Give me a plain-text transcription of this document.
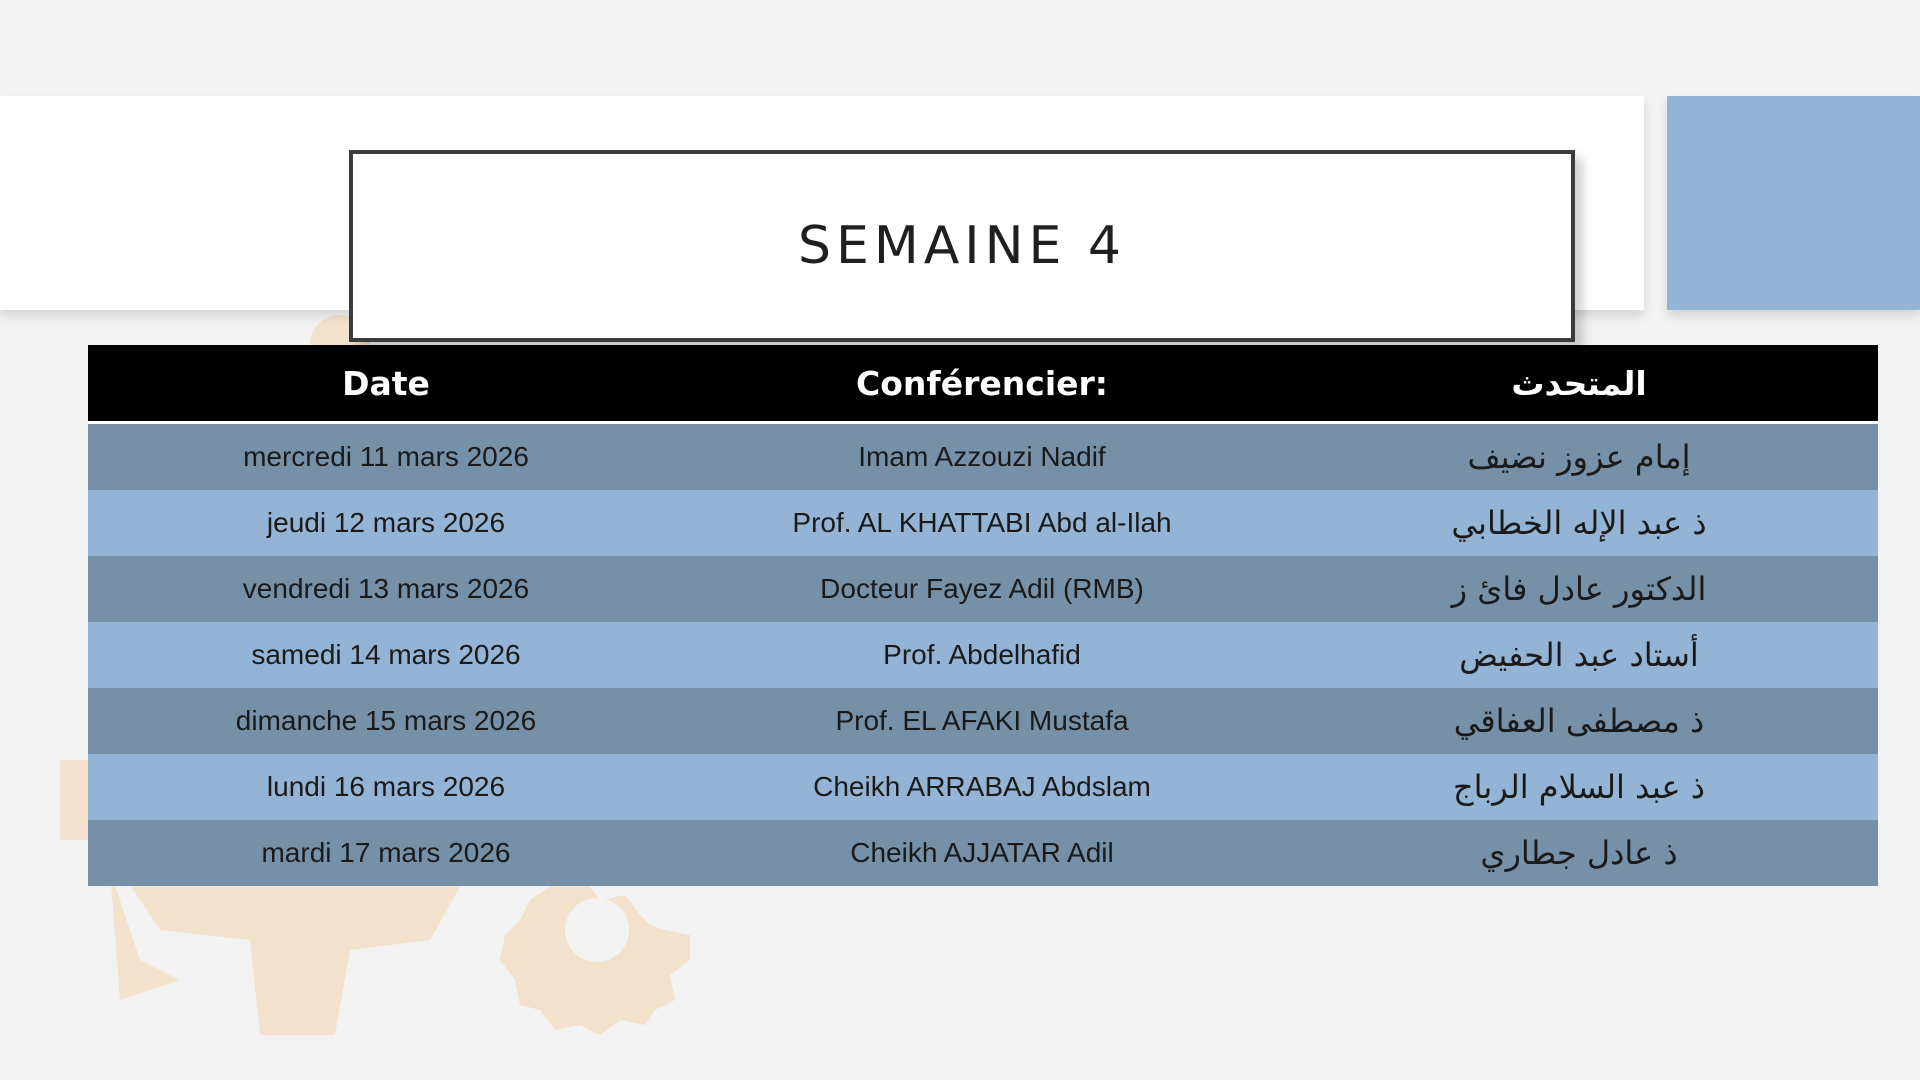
SEMAINE 4
Date	Conférencier:	المتحدث
mercredi 11 mars 2026	Imam Azzouzi Nadif	إمام عزوز نضيف
jeudi 12 mars 2026	Prof. AL KHATTABI Abd al-Ilah	ذ عبد الإله الخطابي
vendredi 13 mars 2026	Docteur Fayez Adil (RMB)	الدكتور عادل فائ ز
samedi 14 mars 2026	Prof. Abdelhafid	أستاد عبد الحفيض
dimanche 15 mars 2026	Prof. EL AFAKI Mustafa	ذ مصطفى العفاقي
lundi 16 mars 2026	Cheikh ARRABAJ Abdslam	ذ عبد السلام الرباج
mardi 17 mars 2026	Cheikh AJJATAR Adil	ذ عادل جطاري
